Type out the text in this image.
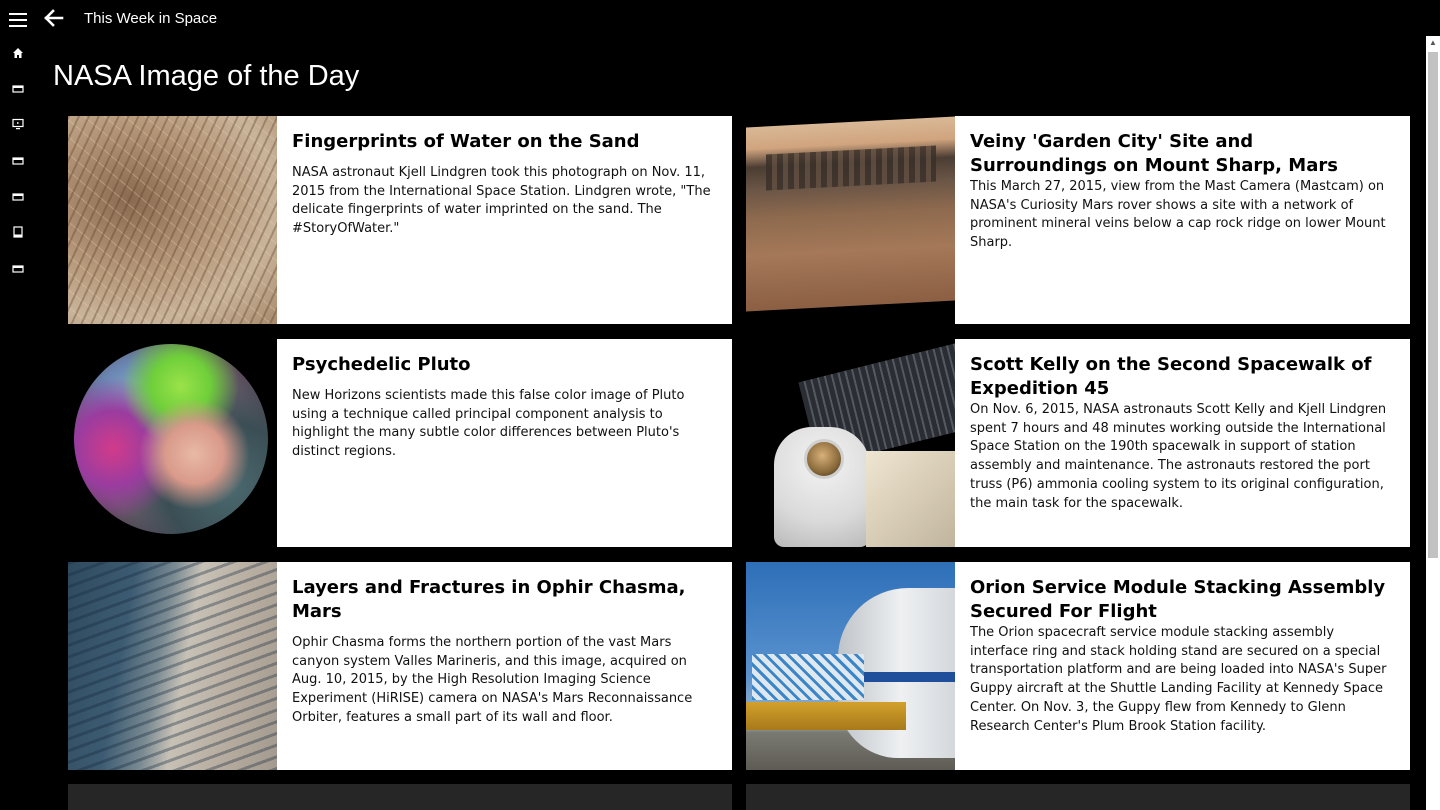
This Week in Space
NASA Image of the Day
Fingerprints of Water on the Sand
NASA astronaut Kjell Lindgren took this photograph on Nov. 11, 2015 from the International Space Station. Lindgren wrote, "The delicate fingerprints of water imprinted on the sand. The #StoryOfWater."
Veiny 'Garden City' Site and Surroundings on Mount Sharp, Mars
This March 27, 2015, view from the Mast Camera (Mastcam) on NASA's Curiosity Mars rover shows a site with a network of prominent mineral veins below a cap rock ridge on lower Mount Sharp.
Psychedelic Pluto
New Horizons scientists made this false color image of Pluto using a technique called principal component analysis to highlight the many subtle color differences between Pluto's distinct regions.
Scott Kelly on the Second Spacewalk of Expedition 45
On Nov. 6, 2015, NASA astronauts Scott Kelly and Kjell Lindgren spent 7 hours and 48 minutes working outside the International Space Station on the 190th spacewalk in support of station assembly and maintenance. The astronauts restored the port truss (P6) ammonia cooling system to its original configuration, the main task for the spacewalk.
Layers and Fractures in Ophir Chasma, Mars
Ophir Chasma forms the northern portion of the vast Mars canyon system Valles Marineris, and this image, acquired on Aug. 10, 2015, by the High Resolution Imaging Science Experiment (HiRISE) camera on NASA's Mars Reconnaissance Orbiter, features a small part of its wall and floor.
Orion Service Module Stacking Assembly Secured For Flight
The Orion spacecraft service module stacking assembly interface ring and stack holding stand are secured on a special transportation platform and are being loaded into NASA's Super Guppy aircraft at the Shuttle Landing Facility at Kennedy Space Center. On Nov. 3, the Guppy flew from Kennedy to Glenn Research Center's Plum Brook Station facility.
▲
